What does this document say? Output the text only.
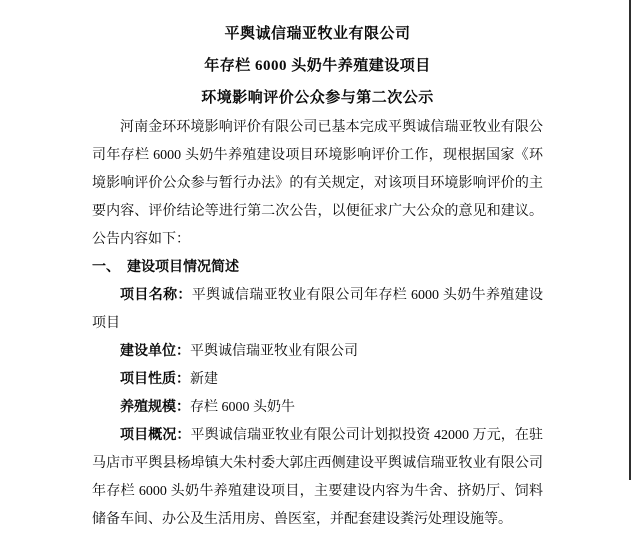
平舆诚信瑞亚牧业有限公司

年存栏 6000 头奶牛养殖建设项目

环境影响评价公众参与第二次公示

河南金环环境影响评价有限公司已基本完成平舆诚信瑞亚牧业有限公司年存栏 6000 头奶牛养殖建设项目环境影响评价工作，现根据国家《环境影响评价公众参与暂行办法》的有关规定，对该项目环境影响评价的主要内容、评价结论等进行第二次公告，以便征求广大公众的意见和建议。公告内容如下：

一、 建设项目情况简述

项目名称：平舆诚信瑞亚牧业有限公司年存栏 6000 头奶牛养殖建设项目

建设单位：平舆诚信瑞亚牧业有限公司

项目性质：新建

养殖规模：存栏 6000 头奶牛

项目概况：平舆诚信瑞亚牧业有限公司计划拟投资 42000 万元，在驻马店市平舆县杨埠镇大朱村委大郭庄西侧建设平舆诚信瑞亚牧业有限公司年存栏 6000 头奶牛养殖建设项目，主要建设内容为牛舍、挤奶厅、饲料储备车间、办公及生活用房、兽医室，并配套建设粪污处理设施等。
